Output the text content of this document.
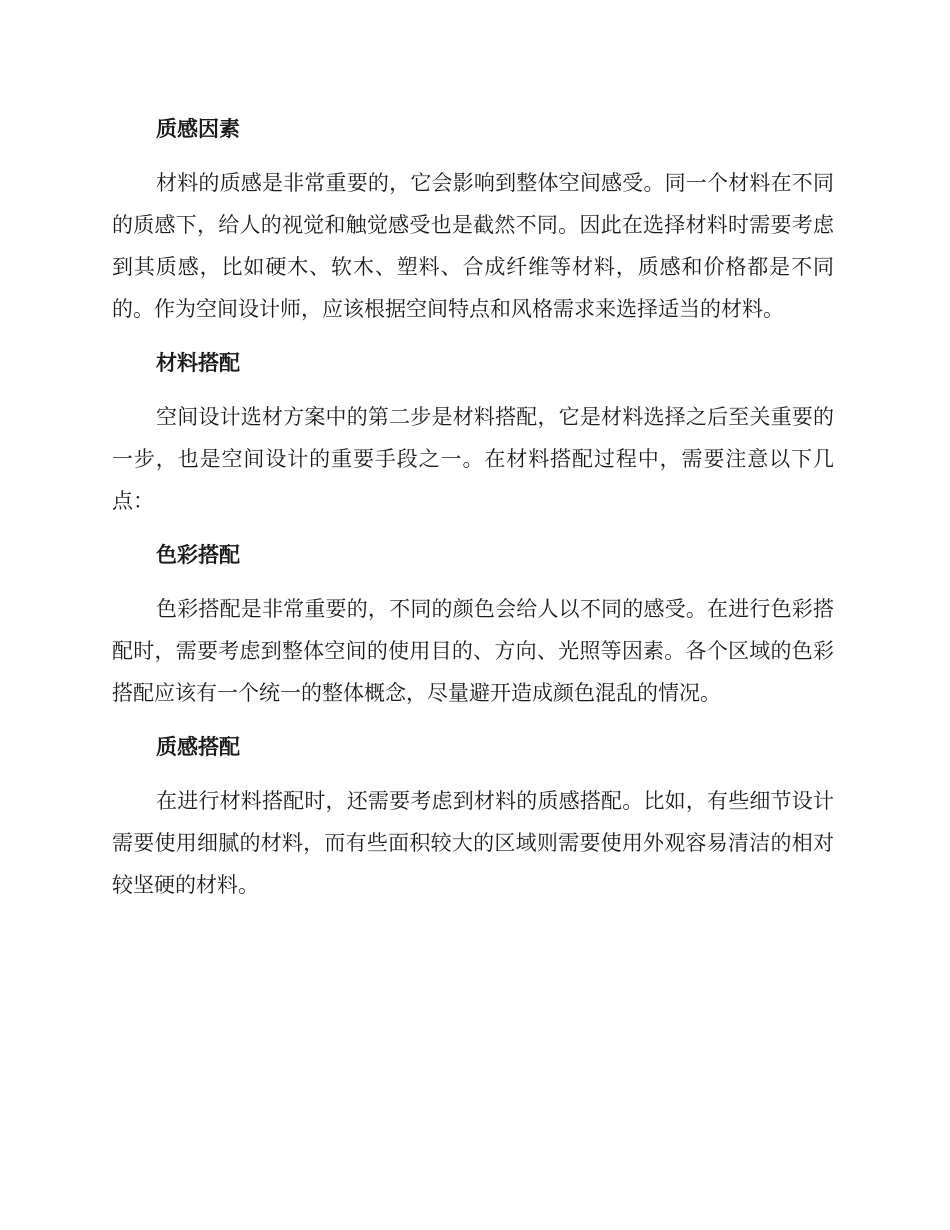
质感因素

材料的质感是非常重要的，它会影响到整体空间感受。同一个材料在不同的质感下，给人的视觉和触觉感受也是截然不同。因此在选择材料时需要考虑到其质感，比如硬木、软木、塑料、合成纤维等材料，质感和价格都是不同的。作为空间设计师，应该根据空间特点和风格需求来选择适当的材料。

材料搭配

空间设计选材方案中的第二步是材料搭配，它是材料选择之后至关重要的一步，也是空间设计的重要手段之一。在材料搭配过程中，需要注意以下几点：

色彩搭配

色彩搭配是非常重要的，不同的颜色会给人以不同的感受。在进行色彩搭配时，需要考虑到整体空间的使用目的、方向、光照等因素。各个区域的色彩搭配应该有一个统一的整体概念，尽量避开造成颜色混乱的情况。

质感搭配

在进行材料搭配时，还需要考虑到材料的质感搭配。比如，有些细节设计需要使用细腻的材料，而有些面积较大的区域则需要使用外观容易清洁的相对较坚硬的材料。
